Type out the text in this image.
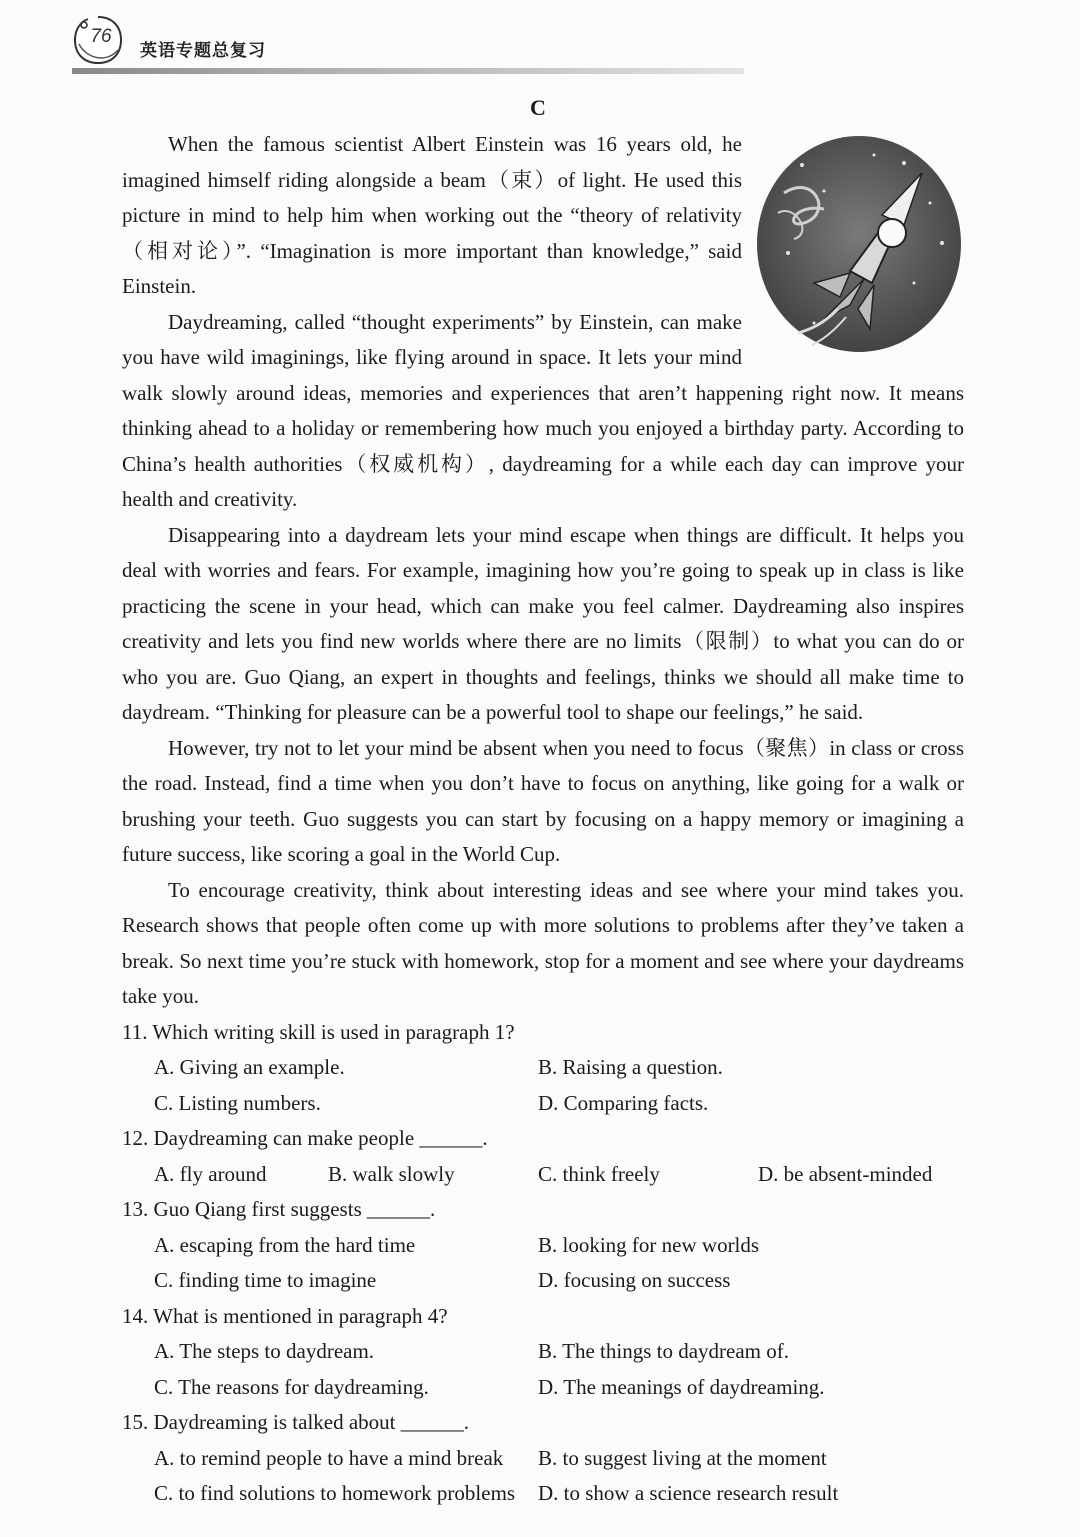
76
英语专题总复习
C

When the famous scientist Albert Einstein was 16 years old, he imagined himself riding alongside a beam（束）of light. He used this picture in mind to help him when working out the “theory of relativity（相对论）”. “Imagination is more important than knowledge,” said Einstein.

Daydreaming, called “thought experiments” by Einstein, can make you have wild imaginings, like flying around in space. It lets your mind walk slowly around ideas, memories and experiences that aren’t happening right now. It means thinking ahead to a holiday or remembering how much you enjoyed a birthday party. According to China’s health authorities（权威机构）, daydreaming for a while each day can improve your health and creativity.

Disappearing into a daydream lets your mind escape when things are difficult. It helps you deal with worries and fears. For example, imagining how you’re going to speak up in class is like practicing the scene in your head, which can make you feel calmer. Daydreaming also inspires creativity and lets you find new worlds where there are no limits（限制）to what you can do or who you are. Guo Qiang, an expert in thoughts and feelings, thinks we should all make time to daydream. “Thinking for pleasure can be a powerful tool to shape our feelings,” he said.

However, try not to let your mind be absent when you need to focus（聚焦）in class or cross the road. Instead, find a time when you don’t have to focus on anything, like going for a walk or brushing your teeth. Guo suggests you can start by focusing on a happy memory or imagining a future success, like scoring a goal in the World Cup.

To encourage creativity, think about interesting ideas and see where your mind takes you. Research shows that people often come up with more solutions to problems after they’ve taken a break. So next time you’re stuck with homework, stop for a moment and see where your daydreams take you.

11. Which writing skill is used in paragraph 1?

A. Giving an example.	B. Raising a question.
C. Listing numbers.	D. Comparing facts.

12. Daydreaming can make people ______.

A. fly around	B. walk slowly	C. think freely	D. be absent-minded

13. Guo Qiang first suggests ______.

A. escaping from the hard time	B. looking for new worlds
C. finding time to imagine	D. focusing on success

14. What is mentioned in paragraph 4?

A. The steps to daydream.	B. The things to daydream of.
C. The reasons for daydreaming.	D. The meanings of daydreaming.

15. Daydreaming is talked about ______.

A. to remind people to have a mind break	B. to suggest living at the moment
C. to find solutions to homework problems	D. to show a science research result
